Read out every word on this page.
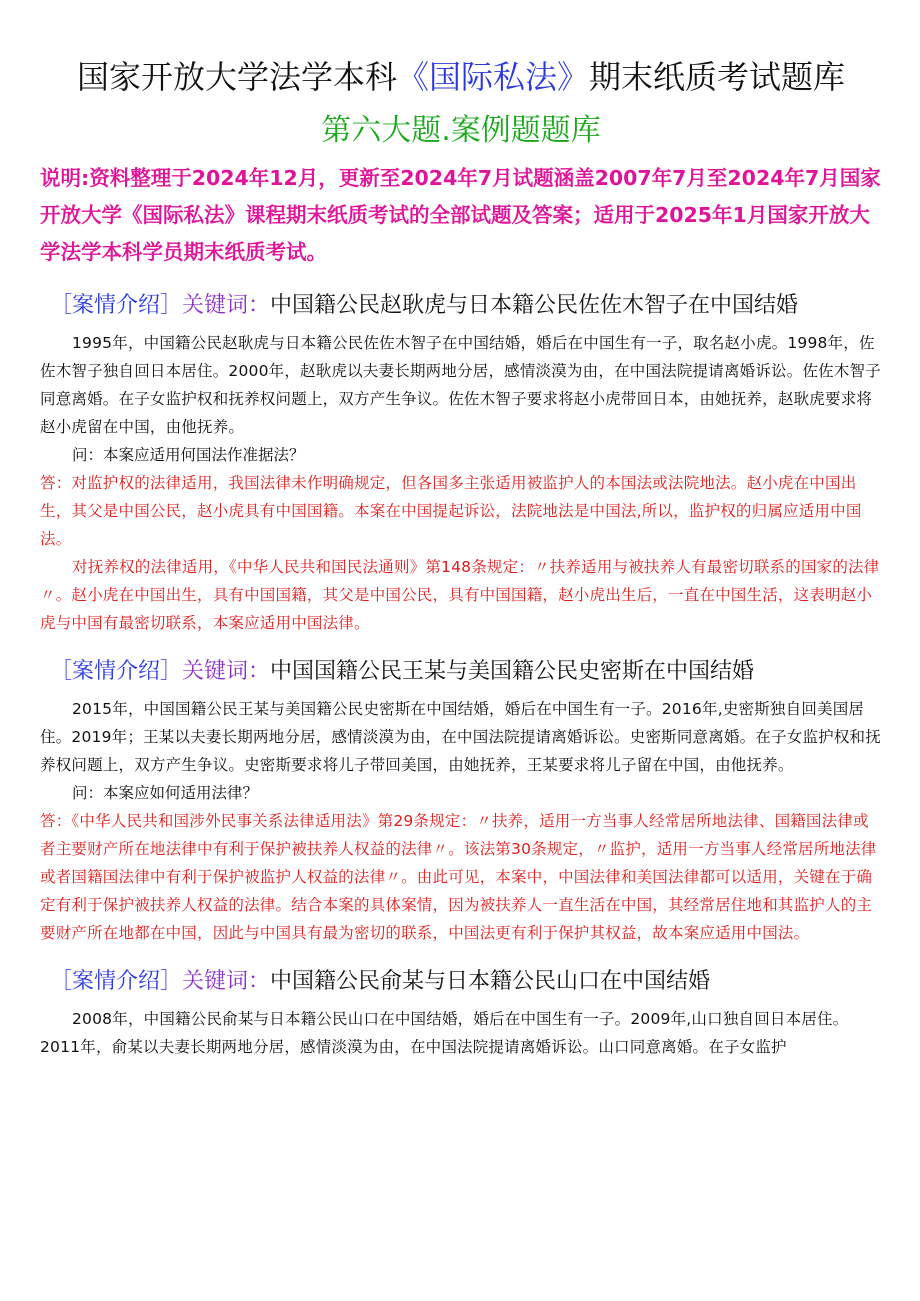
国家开放大学法学本科《国际私法》期末纸质考试题库
第六大题.案例题题库

说明:资料整理于2024年12月，更新至2024年7月试题涵盖2007年7月至2024年7月国家开放大学《国际私法》课程期末纸质考试的全部试题及答案；适用于2025年1月国家开放大学法学本科学员期末纸质考试。

［案情介绍］关键词：中国籍公民赵耿虎与日本籍公民佐佐木智子在中国结婚

1995年，中国籍公民赵耿虎与日本籍公民佐佐木智子在中国结婚，婚后在中国生有一子，取名赵小虎。1998年，佐佐木智子独自回日本居住。2000年，赵耿虎以夫妻长期两地分居，感情淡漠为由，在中国法院提请离婚诉讼。佐佐木智子同意离婚。在子女监护权和抚养权问题上，双方产生争议。佐佐木智子要求将赵小虎带回日本，由她抚养，赵耿虎要求将赵小虎留在中国，由他抚养。

问：本案应适用何国法作准据法？

答：对监护权的法律适用，我国法律未作明确规定，但各国多主张适用被监护人的本国法或法院地法。赵小虎在中国出生，其父是中国公民，赵小虎具有中国国籍。本案在中国提起诉讼，法院地法是中国法,所以，监护权的归属应适用中国法。

对抚养权的法律适用，《中华人民共和国民法通则》第148条规定：〃扶养适用与被扶养人有最密切联系的国家的法律〃。赵小虎在中国出生，具有中国国籍，其父是中国公民，具有中国国籍，赵小虎出生后，一直在中国生活，这表明赵小虎与中国有最密切联系，本案应适用中国法律。

［案情介绍］关键词：中国国籍公民王某与美国籍公民史密斯在中国结婚

2015年，中国国籍公民王某与美国籍公民史密斯在中国结婚，婚后在中国生有一子。2016年,史密斯独自回美国居住。2019年；王某以夫妻长期两地分居，感情淡漠为由，在中国法院提请离婚诉讼。史密斯同意离婚。在子女监护权和抚养权问题上，双方产生争议。史密斯要求将儿子带回美国，由她抚养，王某要求将儿子留在中国，由他抚养。

问：本案应如何适用法律？

答：《中华人民共和国涉外民事关系法律适用法》第29条规定：〃扶养，适用一方当事人经常居所地法律、国籍国法律或者主要财产所在地法律中有利于保护被扶养人权益的法律〃。该法第30条规定，〃监护，适用一方当事人经常居所地法律或者国籍国法律中有利于保护被监护人权益的法律〃。由此可见，本案中，中国法律和美国法律都可以适用，关键在于确定有利于保护被扶养人权益的法律。结合本案的具体案情，因为被扶养人一直生活在中国，其经常居住地和其监护人的主要财产所在地都在中国，因此与中国具有最为密切的联系，中国法更有利于保护其权益，故本案应适用中国法。

［案情介绍］关键词：中国籍公民俞某与日本籍公民山口在中国结婚

2008年，中国籍公民俞某与日本籍公民山口在中国结婚，婚后在中国生有一子。2009年,山口独自回日本居住。2011年，俞某以夫妻长期两地分居，感情淡漠为由，在中国法院提请离婚诉讼。山口同意离婚。在子女监护
